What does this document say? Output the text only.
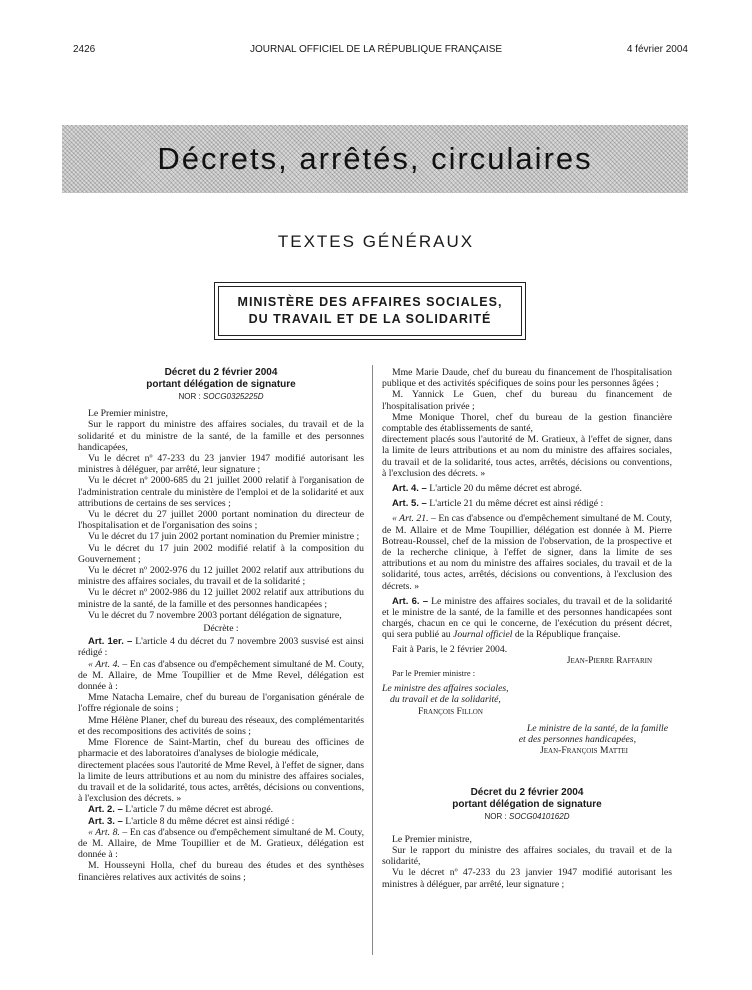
2426	JOURNAL OFFICIEL DE LA RÉPUBLIQUE FRANÇAISE	4 février 2004
Décrets, arrêtés, circulaires
TEXTES GÉNÉRAUX
MINISTÈRE DES AFFAIRES SOCIALES,
DU TRAVAIL ET DE LA SOLIDARITÉ
Décret du 2 février 2004
portant délégation de signature
NOR : SOCG0325225D

Le Premier ministre,

Sur le rapport du ministre des affaires sociales, du travail et de la solidarité et du ministre de la santé, de la famille et des personnes handicapées,

Vu le décret nº 47-233 du 23 janvier 1947 modifié autorisant les ministres à déléguer, par arrêté, leur signature ;

Vu le décret nº 2000-685 du 21 juillet 2000 relatif à l'organisation de l'administration centrale du ministère de l'emploi et de la solidarité et aux attributions de certains de ses services ;

Vu le décret du 27 juillet 2000 portant nomination du directeur de l'hospitalisation et de l'organisation des soins ;

Vu le décret du 17 juin 2002 portant nomination du Premier ministre ;

Vu le décret du 17 juin 2002 modifié relatif à la composition du Gouvernement ;

Vu le décret nº 2002-976 du 12 juillet 2002 relatif aux attributions du ministre des affaires sociales, du travail et de la solidarité ;

Vu le décret nº 2002-986 du 12 juillet 2002 relatif aux attributions du ministre de la santé, de la famille et des personnes handicapées ;

Vu le décret du 7 novembre 2003 portant délégation de signature,

Décrète :

Art. 1er. – L'article 4 du décret du 7 novembre 2003 susvisé est ainsi rédigé :

« Art. 4. – En cas d'absence ou d'empêchement simultané de M. Couty, de M. Allaire, de Mme Toupillier et de Mme Revel, délégation est donnée à :

Mme Natacha Lemaire, chef du bureau de l'organisation générale de l'offre régionale de soins ;

Mme Hélène Planer, chef du bureau des réseaux, des complémentarités et des recompositions des activités de soins ;

Mme Florence de Saint-Martin, chef du bureau des officines de pharmacie et des laboratoires d'analyses de biologie médicale,

directement placées sous l'autorité de Mme Revel, à l'effet de signer, dans la limite de leurs attributions et au nom du ministre des affaires sociales, du travail et de la solidarité, tous actes, arrêtés, décisions ou conventions, à l'exclusion des décrets. »

Art. 2. – L'article 7 du même décret est abrogé.

Art. 3. – L'article 8 du même décret est ainsi rédigé :

« Art. 8. – En cas d'absence ou d'empêchement simultané de M. Couty, de M. Allaire, de Mme Toupillier et de M. Gratieux, délégation est donnée à :

M. Housseyni Holla, chef du bureau des études et des synthèses financières relatives aux activités de soins ;

Mme Marie Daude, chef du bureau du financement de l'hospitalisation publique et des activités spécifiques de soins pour les personnes âgées ;

M. Yannick Le Guen, chef du bureau du financement de l'hospitalisation privée ;

Mme Monique Thorel, chef du bureau de la gestion financière comptable des établissements de santé,

directement placés sous l'autorité de M. Gratieux, à l'effet de signer, dans la limite de leurs attributions et au nom du ministre des affaires sociales, du travail et de la solidarité, tous actes, arrêtés, décisions ou conventions, à l'exclusion des décrets. »

Art. 4. – L'article 20 du même décret est abrogé.

Art. 5. – L'article 21 du même décret est ainsi rédigé :

« Art. 21. – En cas d'absence ou d'empêchement simultané de M. Couty, de M. Allaire et de Mme Toupillier, délégation est donnée à M. Pierre Botreau-Roussel, chef de la mission de l'observation, de la prospective et de la recherche clinique, à l'effet de signer, dans la limite de ses attributions et au nom du ministre des affaires sociales, du travail et de la solidarité, tous actes, arrêtés, décisions ou conventions, à l'exclusion des décrets. »

Art. 6. – Le ministre des affaires sociales, du travail et de la solidarité et le ministre de la santé, de la famille et des personnes handicapées sont chargés, chacun en ce qui le concerne, de l'exécution du présent décret, qui sera publié au Journal officiel de la République française.

Fait à Paris, le 2 février 2004.

Jean-Pierre Raffarin

Par le Premier ministre :

Le ministre des affaires sociales,

du travail et de la solidarité,

François Fillon

Le ministre de la santé, de la famille

et des personnes handicapées,

Jean-François Mattei

Décret du 2 février 2004
portant délégation de signature
NOR : SOCG0410162D

Le Premier ministre,

Sur le rapport du ministre des affaires sociales, du travail et de la solidarité,

Vu le décret nº 47-233 du 23 janvier 1947 modifié autorisant les ministres à déléguer, par arrêté, leur signature ;
